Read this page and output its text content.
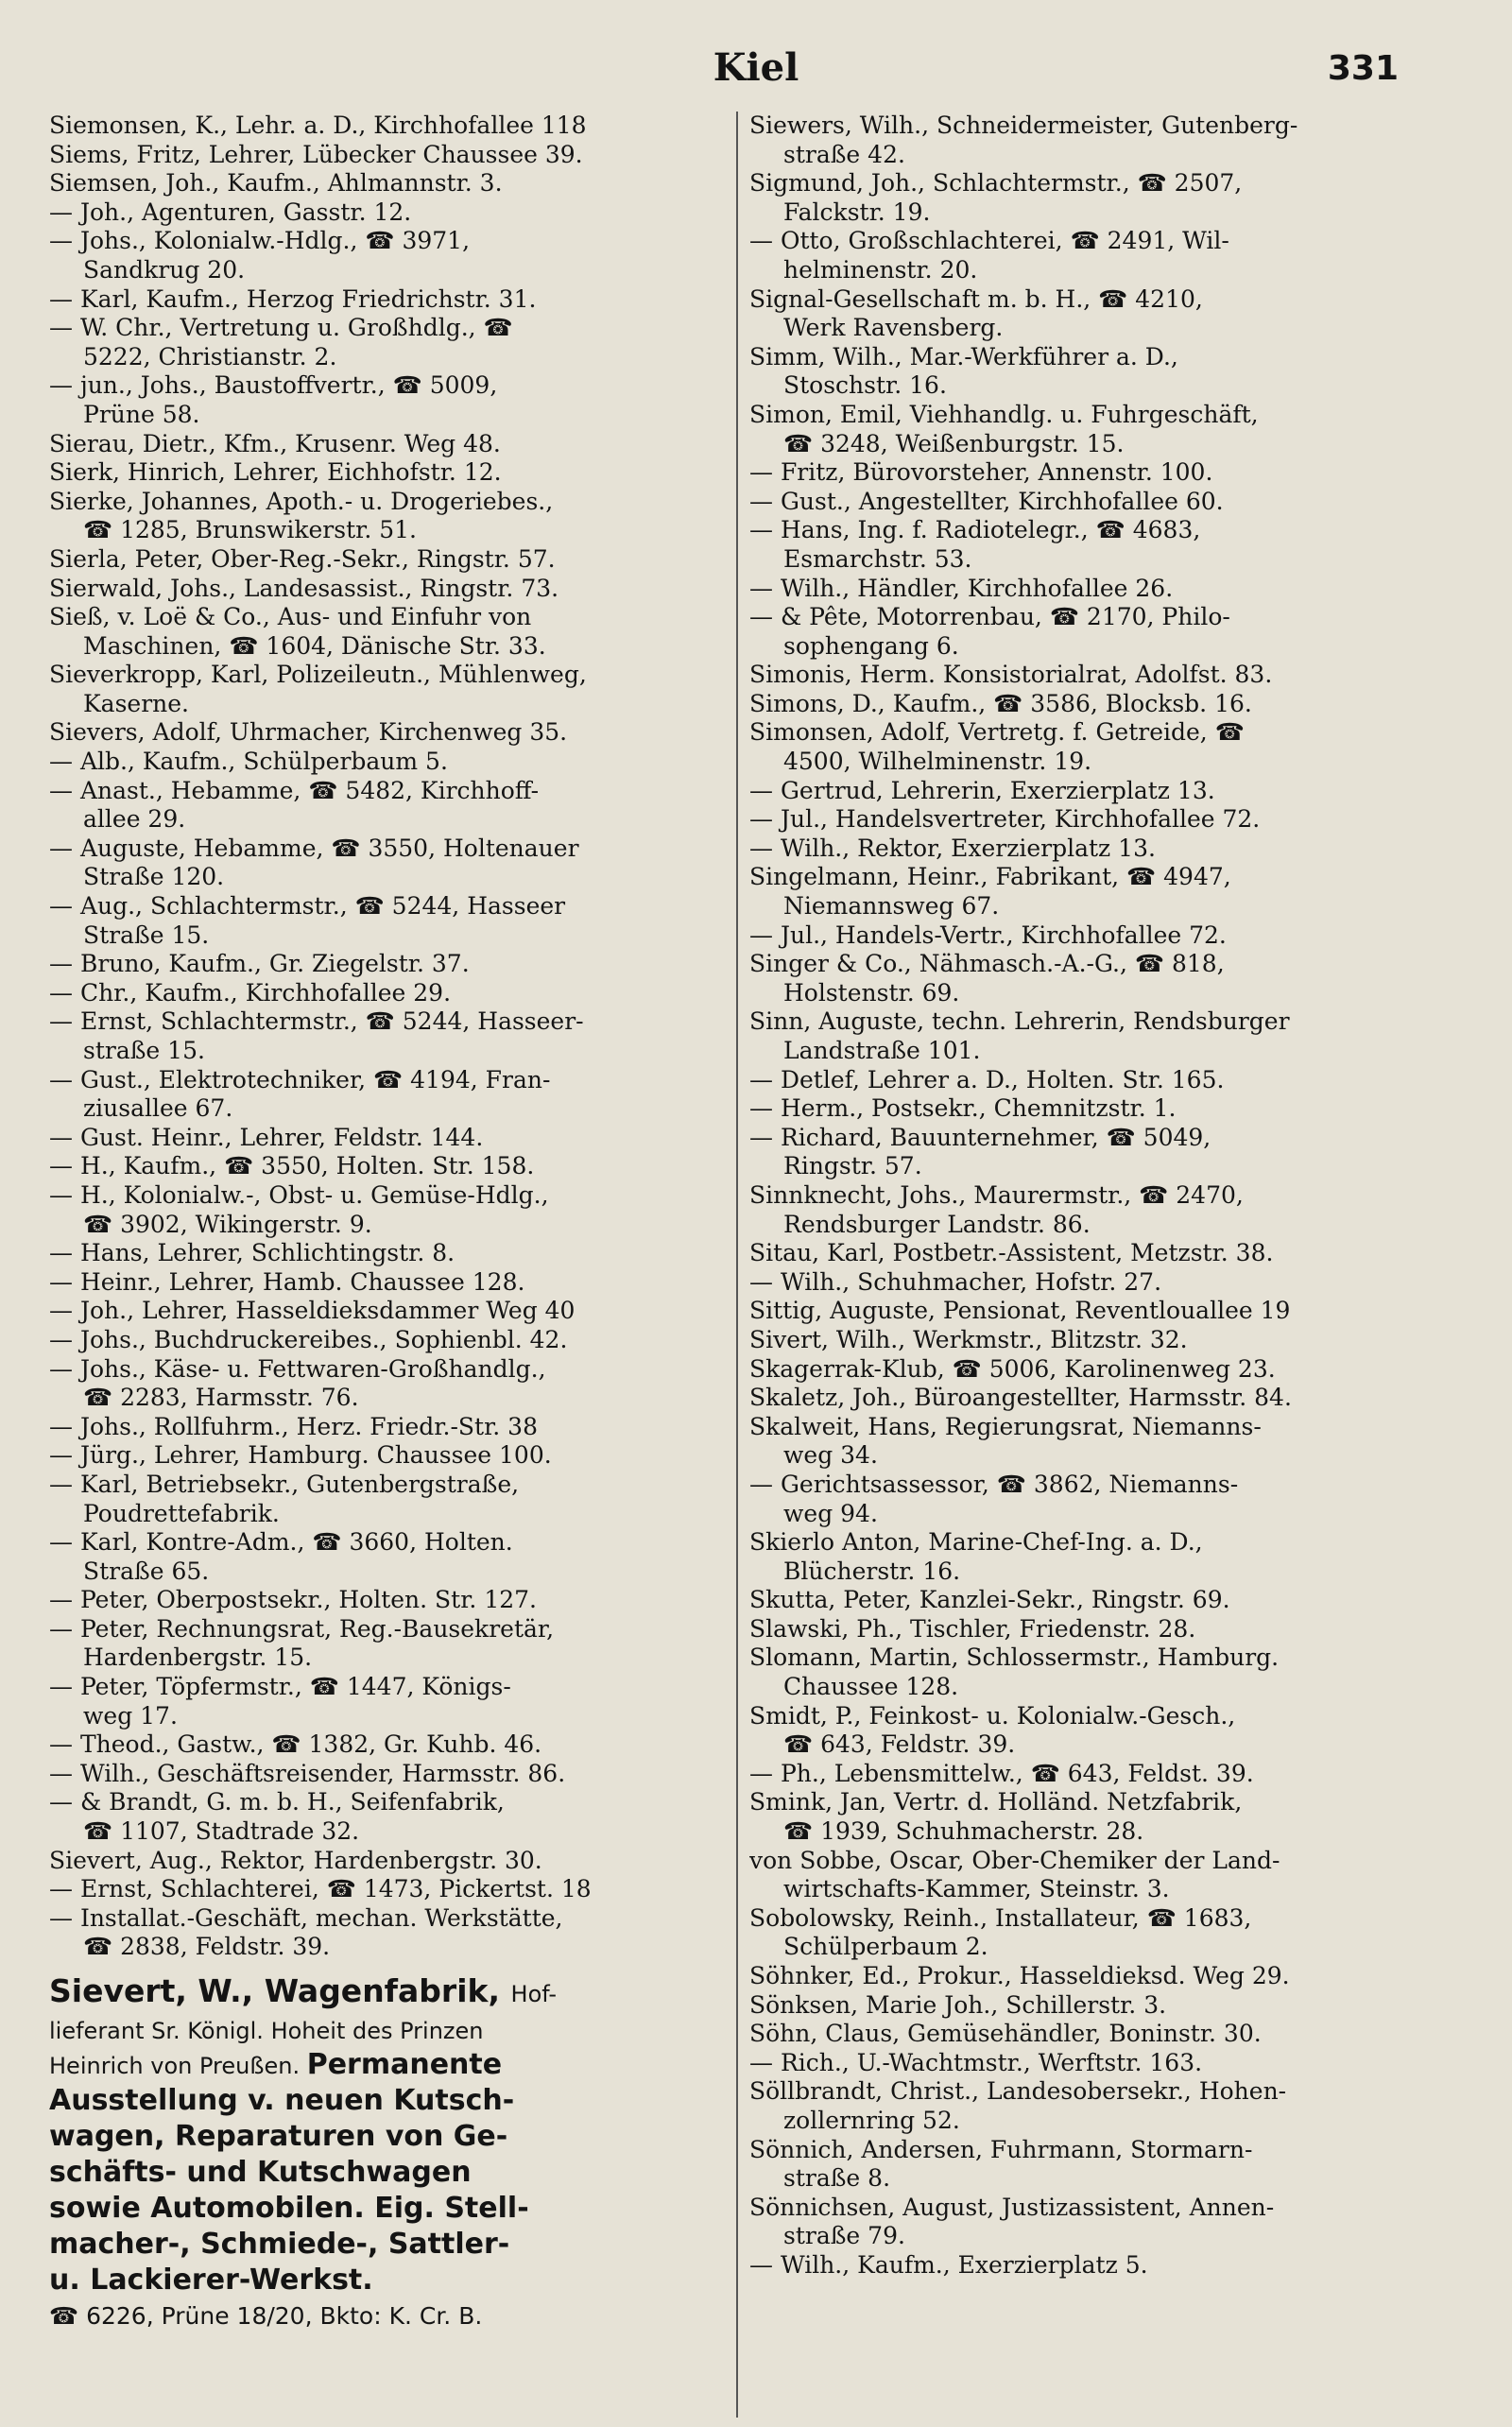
Kiel	331
Siemonsen, K., Lehr. a. D., Kirchhofallee 118
Siems, Fritz, Lehrer, Lübecker Chaussee 39.
Siemsen, Joh., Kaufm., Ahlmannstr. 3.
— Joh., Agenturen, Gasstr. 12.
— Johs., Kolonialw.-Hdlg., ☎ 3971,
Sandkrug 20.
— Karl, Kaufm., Herzog Friedrichstr. 31.
— W. Chr., Vertretung u. Großhdlg., ☎
5222, Christianstr. 2.
— jun., Johs., Baustoffvertr., ☎ 5009,
Prüne 58.
Sierau, Dietr., Kfm., Krusenr. Weg 48.
Sierk, Hinrich, Lehrer, Eichhofstr. 12.
Sierke, Johannes, Apoth.- u. Drogeriebes.,
☎ 1285, Brunswikerstr. 51.
Sierla, Peter, Ober-Reg.-Sekr., Ringstr. 57.
Sierwald, Johs., Landesassist., Ringstr. 73.
Sieß, v. Loë & Co., Aus- und Einfuhr von
Maschinen, ☎ 1604, Dänische Str. 33.
Sieverkropp, Karl, Polizeileutn., Mühlenweg,
Kaserne.
Sievers, Adolf, Uhrmacher, Kirchenweg 35.
— Alb., Kaufm., Schülperbaum 5.
— Anast., Hebamme, ☎ 5482, Kirchhoff-
allee 29.
— Auguste, Hebamme, ☎ 3550, Holtenauer
Straße 120.
— Aug., Schlachtermstr., ☎ 5244, Hasseer
Straße 15.
— Bruno, Kaufm., Gr. Ziegelstr. 37.
— Chr., Kaufm., Kirchhofallee 29.
— Ernst, Schlachtermstr., ☎ 5244, Hasseer-
straße 15.
— Gust., Elektrotechniker, ☎ 4194, Fran-
ziusallee 67.
— Gust. Heinr., Lehrer, Feldstr. 144.
— H., Kaufm., ☎ 3550, Holten. Str. 158.
— H., Kolonialw.-, Obst- u. Gemüse-Hdlg.,
☎ 3902, Wikingerstr. 9.
— Hans, Lehrer, Schlichtingstr. 8.
— Heinr., Lehrer, Hamb. Chaussee 128.
— Joh., Lehrer, Hasseldieksdammer Weg 40
— Johs., Buchdruckereibes., Sophienbl. 42.
— Johs., Käse- u. Fettwaren-Großhandlg.,
☎ 2283, Harmsstr. 76.
— Johs., Rollfuhrm., Herz. Friedr.-Str. 38
— Jürg., Lehrer, Hamburg. Chaussee 100.
— Karl, Betriebsekr., Gutenbergstraße,
Poudrettefabrik.
— Karl, Kontre-Adm., ☎ 3660, Holten.
Straße 65.
— Peter, Oberpostsekr., Holten. Str. 127.
— Peter, Rechnungsrat, Reg.-Bausekretär,
Hardenbergstr. 15.
— Peter, Töpfermstr., ☎ 1447, Königs-
weg 17.
— Theod., Gastw., ☎ 1382, Gr. Kuhb. 46.
— Wilh., Geschäftsreisender, Harmsstr. 86.
— & Brandt, G. m. b. H., Seifenfabrik,
☎ 1107, Stadtrade 32.
Sievert, Aug., Rektor, Hardenbergstr. 30.
— Ernst, Schlachterei, ☎ 1473, Pickertst. 18
— Installat.-Geschäft, mechan. Werkstätte,
☎ 2838, Feldstr. 39.
Sievert, W., Wagenfabrik, Hof-
lieferant Sr. Königl. Hoheit des Prinzen
Heinrich von Preußen. Permanente
Ausstellung v. neuen Kutsch-
wagen, Reparaturen von Ge-
schäfts- und Kutschwagen
sowie Automobilen. Eig. Stell-
macher-, Schmiede-, Sattler-
u. Lackierer-Werkst.
☎ 6226, Prüne 18/20, Bkto: K. Cr. B.
Siewers, Wilh., Schneidermeister, Gutenberg-
straße 42.
Sigmund, Joh., Schlachtermstr., ☎ 2507,
Falckstr. 19.
— Otto, Großschlachterei, ☎ 2491, Wil-
helminenstr. 20.
Signal-Gesellschaft m. b. H., ☎ 4210,
Werk Ravensberg.
Simm, Wilh., Mar.-Werkführer a. D.,
Stoschstr. 16.
Simon, Emil, Viehhandlg. u. Fuhrgeschäft,
☎ 3248, Weißenburgstr. 15.
— Fritz, Bürovorsteher, Annenstr. 100.
— Gust., Angestellter, Kirchhofallee 60.
— Hans, Ing. f. Radiotelegr., ☎ 4683,
Esmarchstr. 53.
— Wilh., Händler, Kirchhofallee 26.
— & Pête, Motorrenbau, ☎ 2170, Philo-
sophengang 6.
Simonis, Herm. Konsistorialrat, Adolfst. 83.
Simons, D., Kaufm., ☎ 3586, Blocksb. 16.
Simonsen, Adolf, Vertretg. f. Getreide, ☎
4500, Wilhelminenstr. 19.
— Gertrud, Lehrerin, Exerzierplatz 13.
— Jul., Handelsvertreter, Kirchhofallee 72.
— Wilh., Rektor, Exerzierplatz 13.
Singelmann, Heinr., Fabrikant, ☎ 4947,
Niemannsweg 67.
— Jul., Handels-Vertr., Kirchhofallee 72.
Singer & Co., Nähmasch.-A.-G., ☎ 818,
Holstenstr. 69.
Sinn, Auguste, techn. Lehrerin, Rendsburger
Landstraße 101.
— Detlef, Lehrer a. D., Holten. Str. 165.
— Herm., Postsekr., Chemnitzstr. 1.
— Richard, Bauunternehmer, ☎ 5049,
Ringstr. 57.
Sinnknecht, Johs., Maurermstr., ☎ 2470,
Rendsburger Landstr. 86.
Sitau, Karl, Postbetr.-Assistent, Metzstr. 38.
— Wilh., Schuhmacher, Hofstr. 27.
Sittig, Auguste, Pensionat, Reventlouallee 19
Sivert, Wilh., Werkmstr., Blitzstr. 32.
Skagerrak-Klub, ☎ 5006, Karolinenweg 23.
Skaletz, Joh., Büroangestellter, Harmsstr. 84.
Skalweit, Hans, Regierungsrat, Niemanns-
weg 34.
— Gerichtsassessor, ☎ 3862, Niemanns-
weg 94.
Skierlo Anton, Marine-Chef-Ing. a. D.,
Blücherstr. 16.
Skutta, Peter, Kanzlei-Sekr., Ringstr. 69.
Slawski, Ph., Tischler, Friedenstr. 28.
Slomann, Martin, Schlossermstr., Hamburg.
Chaussee 128.
Smidt, P., Feinkost- u. Kolonialw.-Gesch.,
☎ 643, Feldstr. 39.
— Ph., Lebensmittelw., ☎ 643, Feldst. 39.
Smink, Jan, Vertr. d. Holländ. Netzfabrik,
☎ 1939, Schuhmacherstr. 28.
von Sobbe, Oscar, Ober-Chemiker der Land-
wirtschafts-Kammer, Steinstr. 3.
Sobolowsky, Reinh., Installateur, ☎ 1683,
Schülperbaum 2.
Söhnker, Ed., Prokur., Hasseldieksd. Weg 29.
Sönksen, Marie Joh., Schillerstr. 3.
Söhn, Claus, Gemüsehändler, Boninstr. 30.
— Rich., U.-Wachtmstr., Werftstr. 163.
Söllbrandt, Christ., Landesobersekr., Hohen-
zollernring 52.
Sönnich, Andersen, Fuhrmann, Stormarn-
straße 8.
Sönnichsen, August, Justizassistent, Annen-
straße 79.
— Wilh., Kaufm., Exerzierplatz 5.
